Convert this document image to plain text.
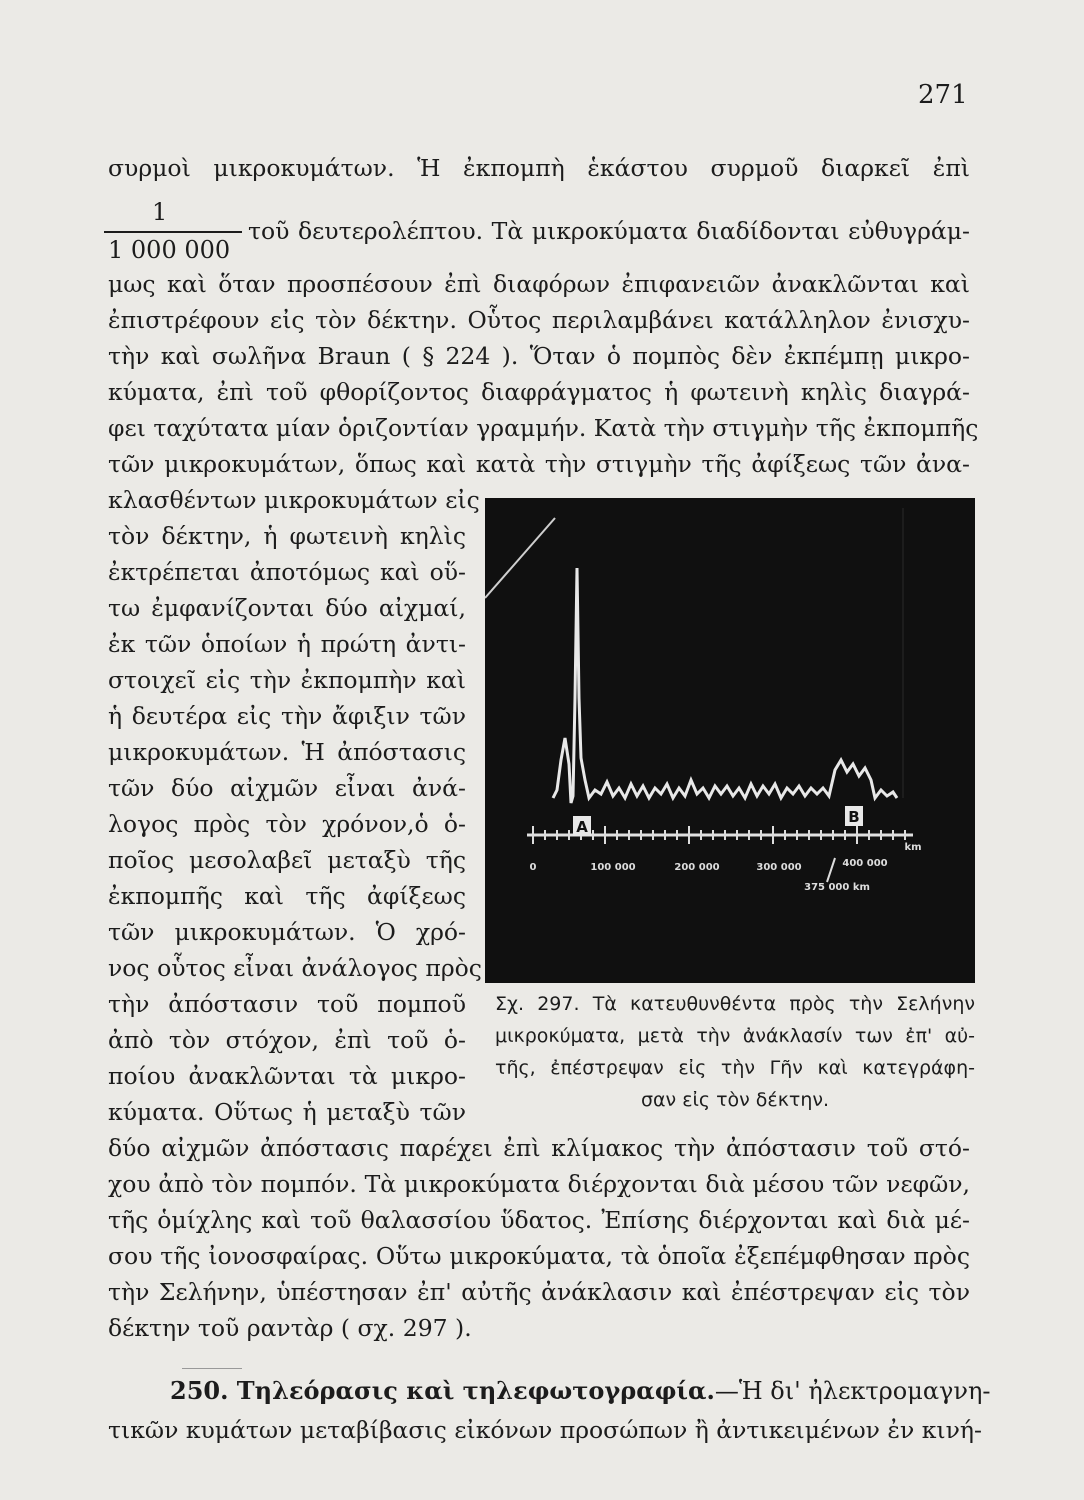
271
συρμοὶ μικροκυμάτων. Ἡ ἐκπομπὴ ἑκάστου συρμοῦ διαρκεῖ ἐπὶ
1
1 000 000
τοῦ δευτερολέπτου. Τὰ μικροκύματα διαδίδονται εὐθυγράμ-
μως καὶ ὅταν προσπέσουν ἐπὶ διαφόρων ἐπιφανειῶν ἀνακλῶνται καὶ
ἐπιστρέφουν εἰς τὸν δέκτην. Οὗτος περιλαμβάνει κατάλληλον ἐνισχυ-
τὴν καὶ σωλῆνα Braun ( § 224 ). Ὅταν ὁ πομπὸς δὲν ἐκπέμπῃ μικρο-
κύματα, ἐπὶ τοῦ φθορίζοντος διαφράγματος ἡ φωτεινὴ κηλὶς διαγρά-
φει ταχύτατα μίαν ὁριζοντίαν γραμμήν. Κατὰ τὴν στιγμὴν τῆς ἐκπομπῆς
τῶν μικροκυμάτων, ὅπως καὶ κατὰ τὴν στιγμὴν τῆς ἀφίξεως τῶν ἀνα-
κλασθέντων μικροκυμάτων εἰς
τὸν δέκτην, ἡ φωτεινὴ κηλὶς
ἐκτρέπεται ἀποτόμως καὶ οὕ-
τω ἐμφανίζονται δύο αἰχμαί,
ἐκ τῶν ὁποίων ἡ πρώτη ἀντι-
στοιχεῖ εἰς τὴν ἐκπομπὴν καὶ
ἡ δευτέρα εἰς τὴν ἄφιξιν τῶν
μικροκυμάτων. Ἡ ἀπόστασις
τῶν δύο αἰχμῶν εἶναι ἀνά-
λογος πρὸς τὸν χρόνον,ὁ ὁ-
ποῖος μεσολαβεῖ μεταξὺ τῆς
ἐκπομπῆς καὶ τῆς ἀφίξεως
τῶν μικροκυμάτων. Ὁ χρό-
νος οὗτος εἶναι ἀνάλογος πρὸς
τὴν ἀπόστασιν τοῦ πομποῦ
ἀπὸ τὸν στόχον, ἐπὶ τοῦ ὁ-
ποίου ἀνακλῶνται τὰ μικρο-
κύματα. Οὕτως ἡ μεταξὺ τῶν
δύο αἰχμῶν ἀπόστασις παρέχει ἐπὶ κλίμακος τὴν ἀπόστασιν τοῦ στό-
χου ἀπὸ τὸν πομπόν. Τὰ μικροκύματα διέρχονται διὰ μέσου τῶν νεφῶν,
τῆς ὁμίχλης καὶ τοῦ θαλασσίου ὕδατος. Ἐπίσης διέρχονται καὶ διὰ μέ-
σου τῆς ἰονοσφαίρας. Οὕτω μικροκύματα, τὰ ὁποῖα ἐξεπέμφθησαν πρὸς
τὴν Σελήνην, ὑπέστησαν ἐπ' αὐτῆς ἀνάκλασιν καὶ ἐπέστρεψαν εἰς τὸν
δέκτην τοῦ ραντὰρ ( σχ. 297 ).
250. Τηλεόρασις καὶ τηλεφωτογραφία.—Ἡ δι' ἠλεκτρομαγνη-
τικῶν κυμάτων μεταβίβασις εἰκόνων προσώπων ἢ ἀντικειμένων ἐν κινή-
A
B
0	100 000	200 000	300 000	400 000
km
375 000 km
Σχ. 297. Τὰ κατευθυνθέντα πρὸς τὴν Σελήνην
μικροκύματα, μετὰ τὴν ἀνάκλασίν των ἐπ' αὐ-
τῆς, ἐπέστρεψαν εἰς τὴν Γῆν καὶ κατεγράφη-
σαν εἰς τὸν δέκτην.
